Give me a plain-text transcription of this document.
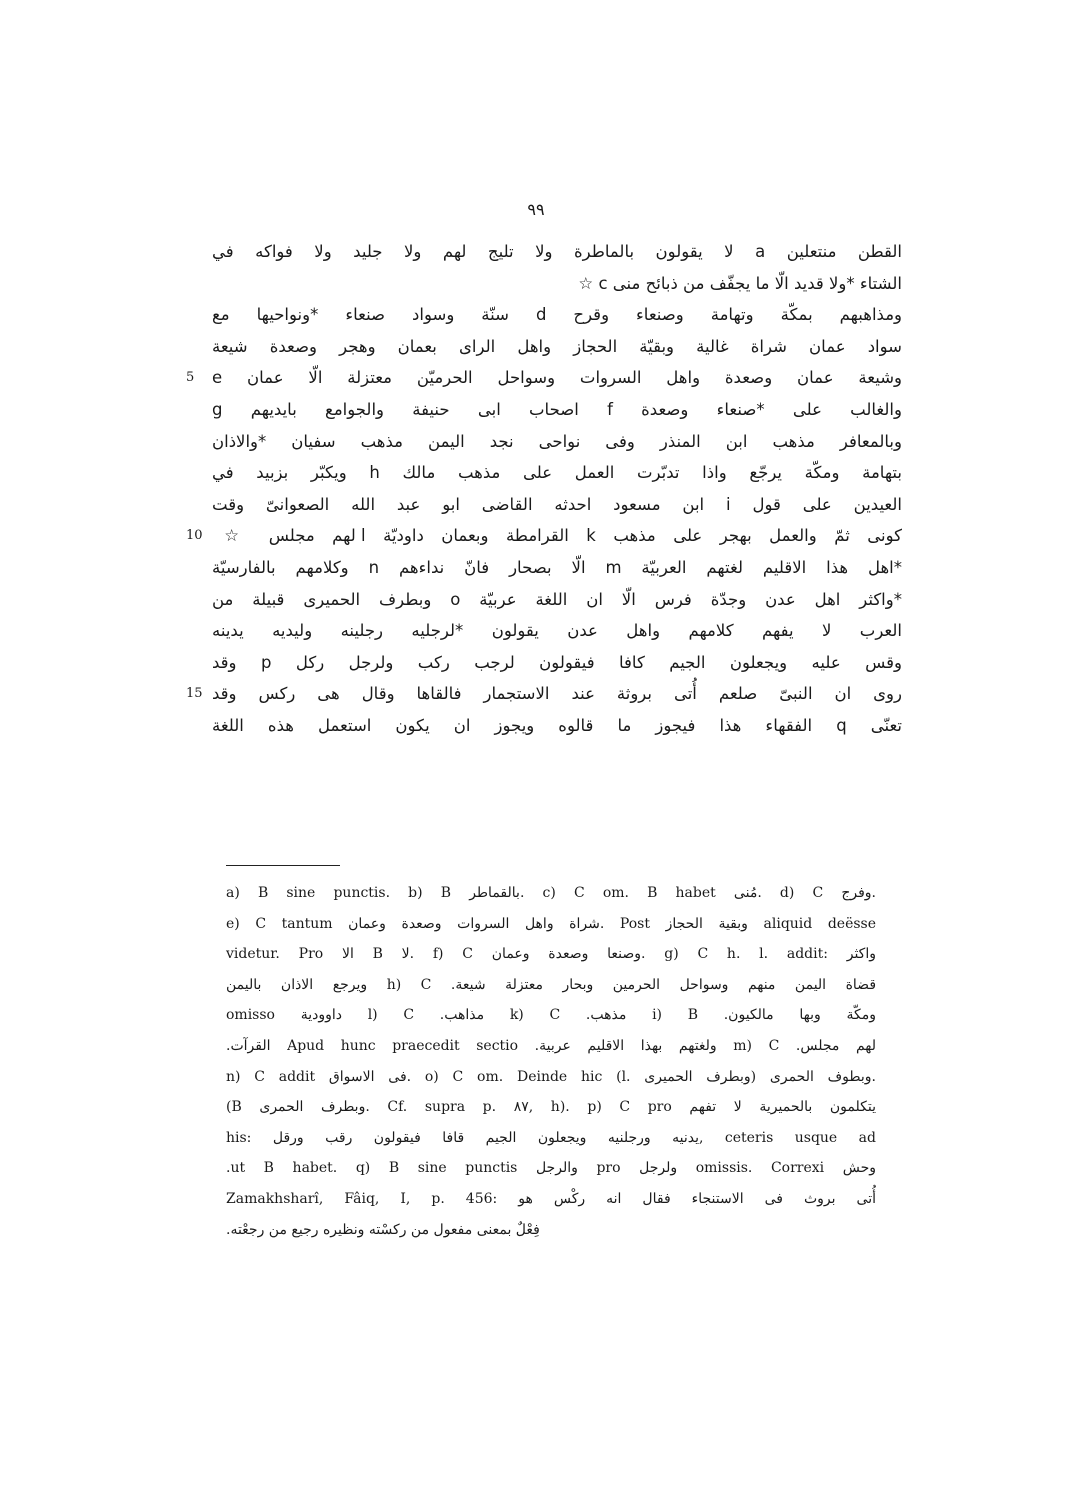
٩٩
القطن منتعلين a لا يقولون بالماطرة ولا تليج لهم ولا جليد ولا فواكه في
الشتاء *ولا قديد الّا ما يجفّف من ذبائح منى c ☆
ومذاهبهم بمكّة وتهامة وصنعاء وقرح d سنّة وسواد صنعاء *ونواحيها مع
سواد عمان شراة غالية وبقيّة الحجاز واهل الراى بعمان وهجر وصعدة شيعة
5 وشيعة عمان وصعدة واهل السروات وسواحل الحرميّن معتزلة الّا عمان e
والغالب على *صنعاء وصعدة f اصحاب ابى حنيفة والجوامع بايديهم g
وبالمعافر مذهب ابن المنذر وفى نواحى نجد اليمن مذهب سفيان *والاذان
بتهامة ومكّة يرجّع واذا تدبّرت العمل على مذهب مالك h ويكبّر بزبيد في
العيدين على قول i ابن مسعود احدثه القاضى ابو عبد الله الصعوانىّ وقت
10 كونى ثمّ والعمل بهجر على مذهب k القرامطة وبعمان داوديّة l لهم مجلس ☆
*اهل هذا الاقليم لغتهم العربيّة m الّا بصحار فانّ نداءهم n وكلامهم بالفارسيّة
*واكثر اهل عدن وجدّة فرس الّا ان اللغة عربيّة o وبطرف الحميرى قبيلة من
العرب لا يفهم كلامهم واهل عدن يقولون *لرجليه رجلينه وليديه يدينه
وقس عليه ويجعلون الجيم كافا فيقولون لرجب ركب ولرجل ركل p وقد
15 روى ان النبىّ صلعم أُتى بروثة عند الاستجمار فالقاها وقال هى ركس وقد
تعنّى q الفقهاء هذا فيجوز ما قالوه ويجوز ان يكون استعمل هذه اللغة
a) B sine punctis. b) B بالقماطر. c) C om. B habet مُنى. d) C وفرج.
e) C tantum شراة واهل السروات وصعدة وعمان. Post وبقية الحجاز aliquid deësse
videtur. Pro الا B لا. f) C وصنعا وصعدة وعمان. g) C h. l. addit: واكثر
قضاة اليمن منهم وسواحل الحرمين وبحار معتزلة شيعة. h) C ويرجع الاذان باليمن
ومكّة وبها مالكيون. i) B مذهب. k) C مذاهب. l) C داوودية omisso
لهم مجلس. m) C ولغتهم بهذا الاقليم عربية. Apud hunc praecedit sectio القرآت.
n) C addit فى الاسواق. o) C om. Deinde hic (l. وبطرف الحميرى) وبطوف الحمرى.
(B وبطرف الحمرى. Cf. supra p. ٨٧, h). p) C pro يتكلمون بالحميرية لا تفهم
his: يدنيه ورجلنيه ويجعلون الجيم قافا فيقولون رقب ورقل, ceteris usque ad
وحش omissis. Correxi ولرجل pro والرجل ut B habet. q) B sine punctis.
Zamakhsharî, Fâiq, I, p. 456: أُتى بروث فى الاستنجاء فقال انه ركْس هو
فِعْلٌ بمعنى مفعول من ركسْته ونظيره رجيع من رجعْته.
